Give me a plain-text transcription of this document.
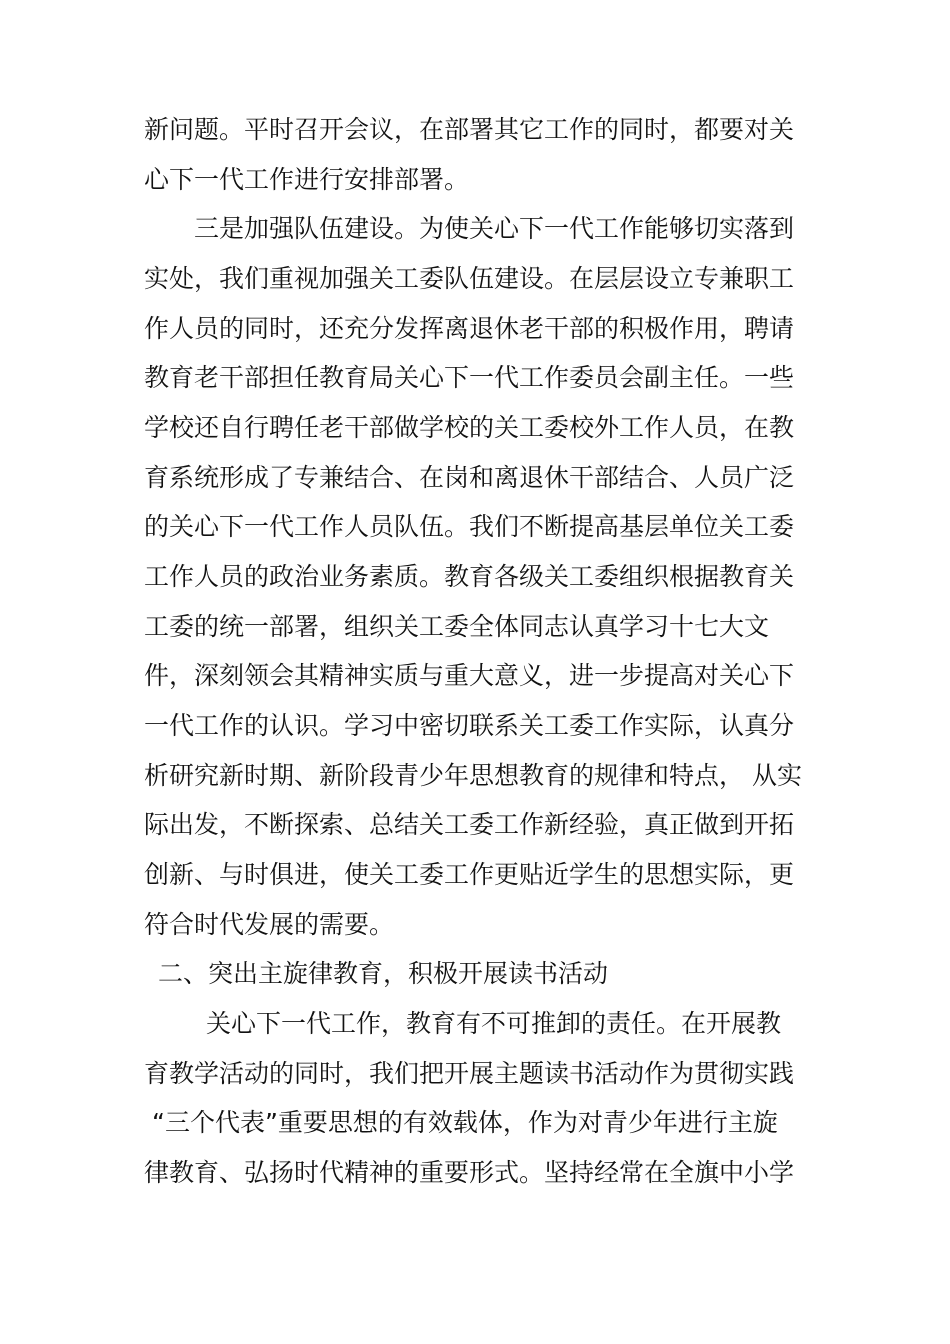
新问题。平时召开会议，在部署其它工作的同时，都要对关

心下一代工作进行安排部署。

三是加强队伍建设。为使关心下一代工作能够切实落到

实处，我们重视加强关工委队伍建设。在层层设立专兼职工

作人员的同时，还充分发挥离退休老干部的积极作用，聘请

教育老干部担任教育局关心下一代工作委员会副主任。一些

学校还自行聘任老干部做学校的关工委校外工作人员，在教

育系统形成了专兼结合、在岗和离退休干部结合、人员广泛

的关心下一代工作人员队伍。我们不断提高基层单位关工委

工作人员的政治业务素质。教育各级关工委组织根据教育关

工委的统一部署，组织关工委全体同志认真学习十七大文

件，深刻领会其精神实质与重大意义，进一步提高对关心下

一代工作的认识。学习中密切联系关工委工作实际，认真分

析研究新时期、新阶段青少年思想教育的规律和特点， 从实

际出发，不断探索、总结关工委工作新经验，真正做到开拓

创新、与时俱进，使关工委工作更贴近学生的思想实际，更

符合时代发展的需要。

二、突出主旋律教育，积极开展读书活动

关心下一代工作，教育有不可推卸的责任。在开展教

育教学活动的同时，我们把开展主题读书活动作为贯彻实践

“三个代表”重要思想的有效载体，作为对青少年进行主旋

律教育、弘扬时代精神的重要形式。坚持经常在全旗中小学
